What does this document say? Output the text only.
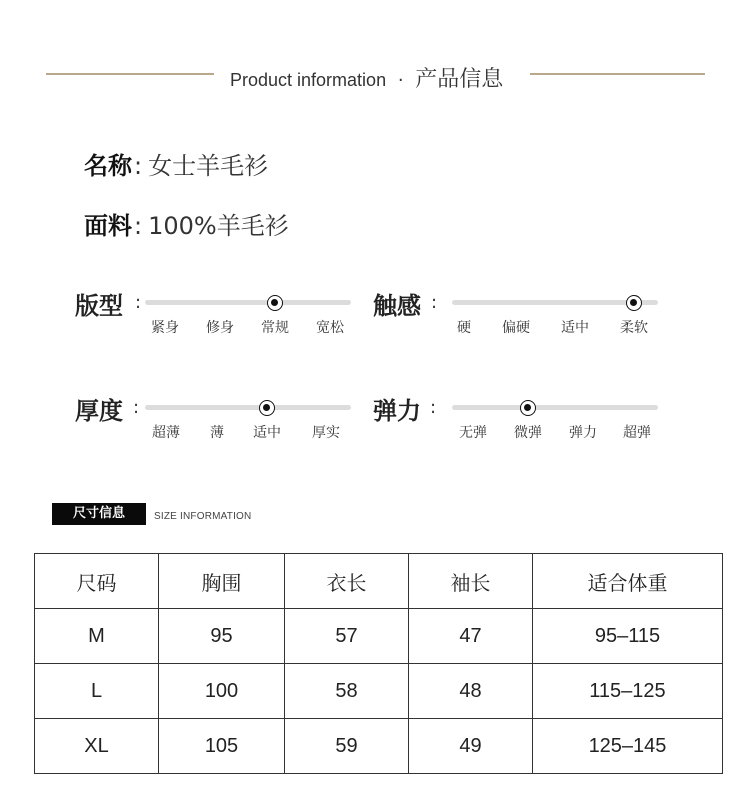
Product information · 产品信息
名称: 女士羊毛衫
面料: 100%羊毛衫
版型 :
紧身 修身 常规 宽松
触感 :
硬 偏硬 适中 柔软
厚度 :
超薄 薄 适中 厚实
弹力 :
无弹 微弹 弹力 超弹
尺寸信息	SIZE INFORMATION
尺码	胸围	衣长	袖长	适合体重
M	95	57	47	95–115
L	100	58	48	115–125
XL	105	59	49	125–145
